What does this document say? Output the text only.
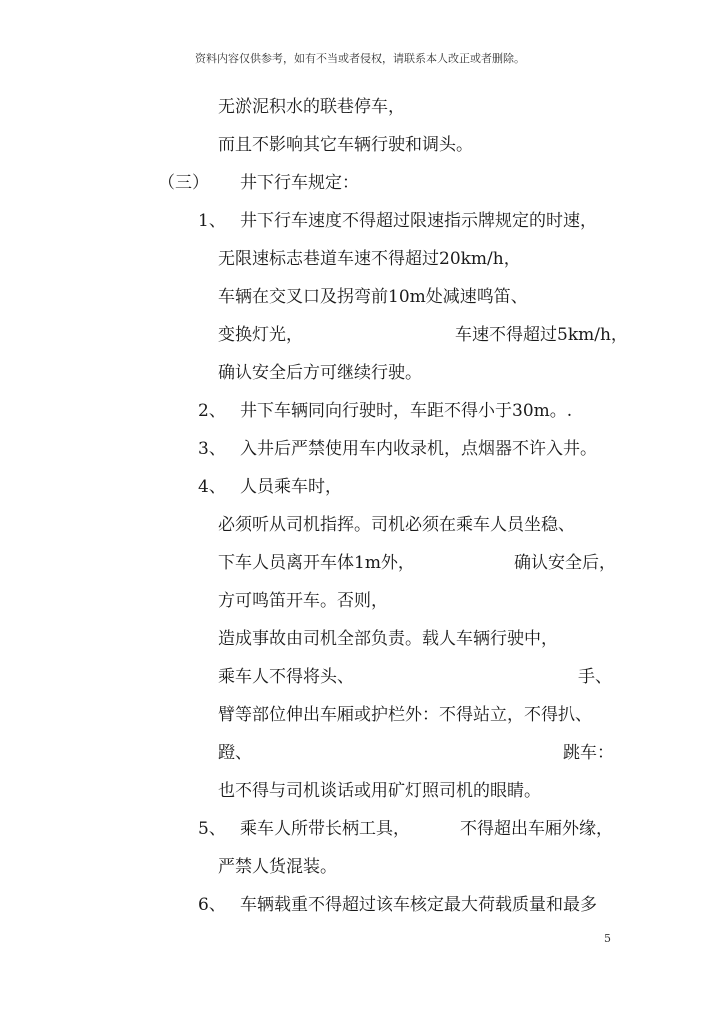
资料内容仅供参考，如有不当或者侵权，请联系本人改正或者删除。
无淤泥积水的联巷停车，
而且不影响其它车辆行驶和调头。
（三） 井下行车规定：
1、 井下行车速度不得超过限速指示牌规定的时速，
无限速标志巷道车速不得超过20km/h，
车辆在交叉口及拐弯前10m处减速鸣笛、
变换灯光，	车速不得超过5km/h，
确认安全后方可继续行驶。
2、 井下车辆同向行驶时，车距不得小于30m。.
3、 入井后严禁使用车内收录机，点烟器不许入井。
4、 人员乘车时，
必须听从司机指挥。司机必须在乘车人员坐稳、
下车人员离开车体1m外，	确认安全后，
方可鸣笛开车。否则，
造成事故由司机全部负责。载人车辆行驶中，
乘车人不得将头、	手、
臂等部位伸出车厢或护栏外：不得站立，不得扒、
蹬、	跳车：
也不得与司机谈话或用矿灯照司机的眼睛。
5、 乘车人所带长柄工具，	不得超出车厢外缘，
严禁人货混装。
6、 车辆载重不得超过该车核定最大荷载质量和最多
5
